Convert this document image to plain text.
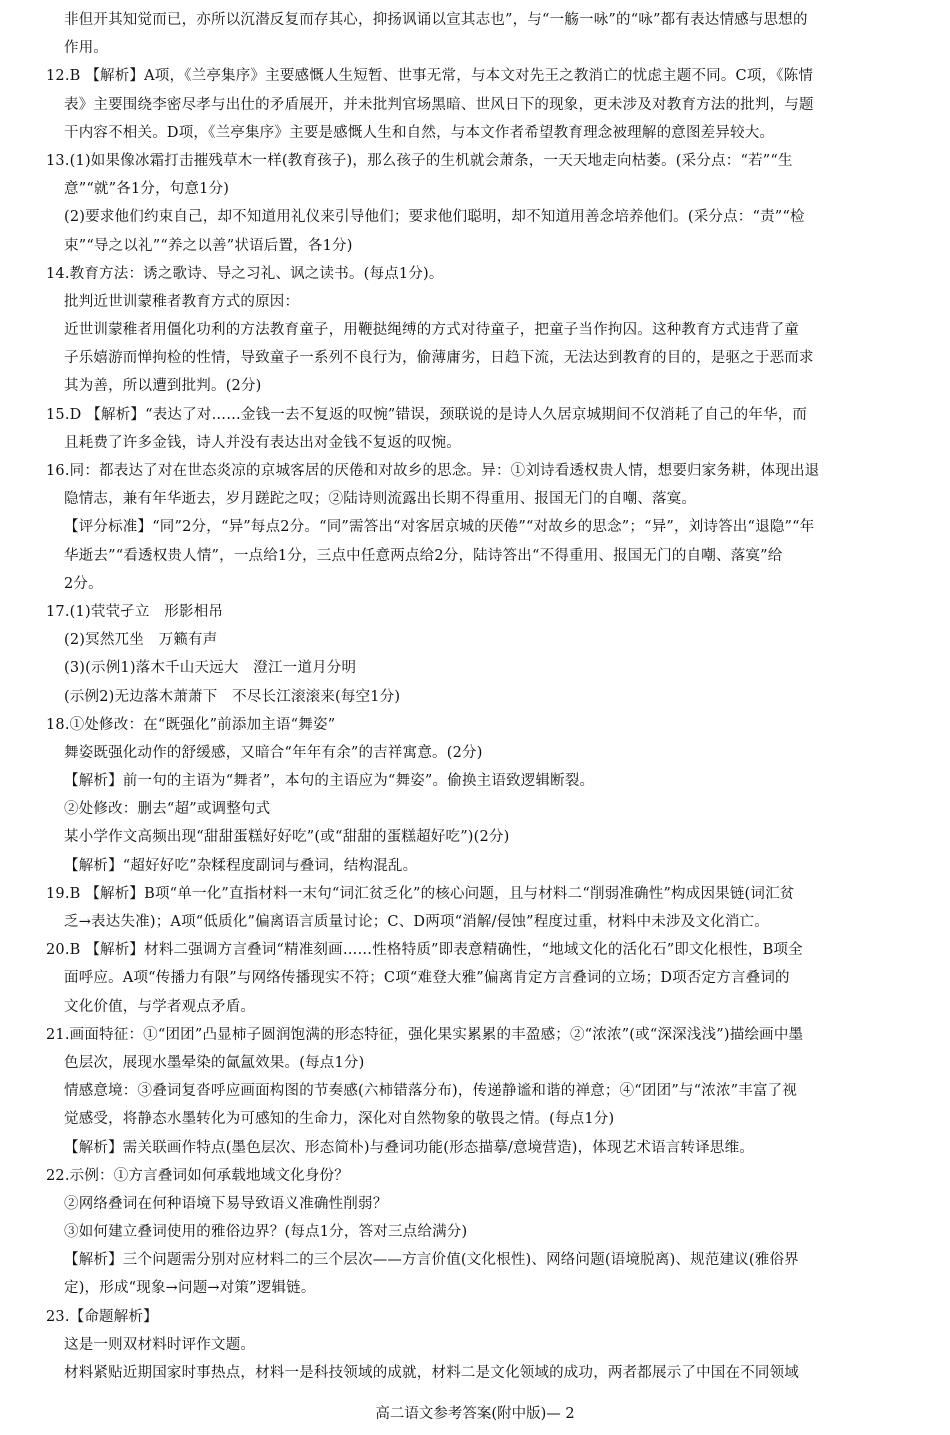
非但开其知觉而已，亦所以沉潜反复而存其心，抑扬讽诵以宣其志也”，与“一觞一咏”的“咏”都有表达情感与思想的
作用。
12.B 【解析】A项，《兰亭集序》主要感慨人生短暂、世事无常，与本文对先王之教消亡的忧虑主题不同。C项，《陈情
表》主要围绕李密尽孝与出仕的矛盾展开，并未批判官场黑暗、世风日下的现象，更未涉及对教育方法的批判，与题
干内容不相关。D项，《兰亭集序》主要是感慨人生和自然，与本文作者希望教育理念被理解的意图差异较大。
13.(1)如果像冰霜打击摧残草木一样(教育孩子)，那么孩子的生机就会萧条，一天天地走向枯萎。(采分点：“若”“生
意”“就”各1分，句意1分)
(2)要求他们约束自己，却不知道用礼仪来引导他们；要求他们聪明，却不知道用善念培养他们。(采分点：“责”“检
束”“导之以礼”“养之以善”状语后置，各1分)
14.教育方法：诱之歌诗、导之习礼、讽之读书。(每点1分)。
批判近世训蒙稚者教育方式的原因：
近世训蒙稚者用僵化功利的方法教育童子，用鞭挞绳缚的方式对待童子，把童子当作拘囚。这种教育方式违背了童
子乐嬉游而惮拘检的性情，导致童子一系列不良行为，偷薄庸劣，日趋下流，无法达到教育的目的，是驱之于恶而求
其为善，所以遭到批判。(2分)
15.D 【解析】“表达了对……金钱一去不复返的叹惋”错误，颈联说的是诗人久居京城期间不仅消耗了自己的年华，而
且耗费了许多金钱，诗人并没有表达出对金钱不复返的叹惋。
16.同：都表达了对在世态炎凉的京城客居的厌倦和对故乡的思念。异：①刘诗看透权贵人情，想要归家务耕，体现出退
隐情志，兼有年华逝去，岁月蹉跎之叹；②陆诗则流露出长期不得重用、报国无门的自嘲、落寞。
【评分标准】“同”2分，“异”每点2分。“同”需答出“对客居京城的厌倦”“对故乡的思念”；“异”，刘诗答出“退隐”“年
华逝去”“看透权贵人情”，一点给1分，三点中任意两点给2分，陆诗答出“不得重用、报国无门的自嘲、落寞”给
2分。
17.(1)茕茕孑立　形影相吊
(2)冥然兀坐　万籁有声
(3)(示例1)落木千山天远大　澄江一道月分明
(示例2)无边落木萧萧下　不尽长江滚滚来(每空1分)
18.①处修改：在“既强化”前添加主语“舞姿”
舞姿既强化动作的舒缓感，又暗合“年年有余”的吉祥寓意。(2分)
【解析】前一句的主语为“舞者”，本句的主语应为“舞姿”。偷换主语致逻辑断裂。
②处修改：删去“超”或调整句式
某小学作文高频出现“甜甜蛋糕好好吃”(或“甜甜的蛋糕超好吃”)(2分)
【解析】“超好好吃”杂糅程度副词与叠词，结构混乱。
19.B 【解析】B项“单一化”直指材料一末句“词汇贫乏化”的核心问题，且与材料二“削弱准确性”构成因果链(词汇贫
乏→表达失准)；A项“低质化”偏离语言质量讨论；C、D两项“消解/侵蚀”程度过重，材料中未涉及文化消亡。
20.B 【解析】材料二强调方言叠词“精准刻画……性格特质”即表意精确性，“地域文化的活化石”即文化根性，B项全
面呼应。A项“传播力有限”与网络传播现实不符；C项“难登大雅”偏离肯定方言叠词的立场；D项否定方言叠词的
文化价值，与学者观点矛盾。
21.画面特征：①“团团”凸显柿子圆润饱满的形态特征，强化果实累累的丰盈感；②“浓浓”(或“深深浅浅”)描绘画中墨
色层次，展现水墨晕染的氤氲效果。(每点1分)
情感意境：③叠词复沓呼应画面构图的节奏感(六柿错落分布)，传递静谧和谐的禅意；④“团团”与“浓浓”丰富了视
觉感受，将静态水墨转化为可感知的生命力，深化对自然物象的敬畏之情。(每点1分)
【解析】需关联画作特点(墨色层次、形态简朴)与叠词功能(形态描摹/意境营造)，体现艺术语言转译思维。
22.示例：①方言叠词如何承载地域文化身份？
②网络叠词在何种语境下易导致语义准确性削弱？
③如何建立叠词使用的雅俗边界？(每点1分，答对三点给满分)
【解析】三个问题需分别对应材料二的三个层次——方言价值(文化根性)、网络问题(语境脱离)、规范建议(雅俗界
定)，形成“现象→问题→对策”逻辑链。
23.【命题解析】
这是一则双材料时评作文题。
材料紧贴近期国家时事热点，材料一是科技领域的成就，材料二是文化领域的成功，两者都展示了中国在不同领域
高二语文参考答案(附中版)— 2
